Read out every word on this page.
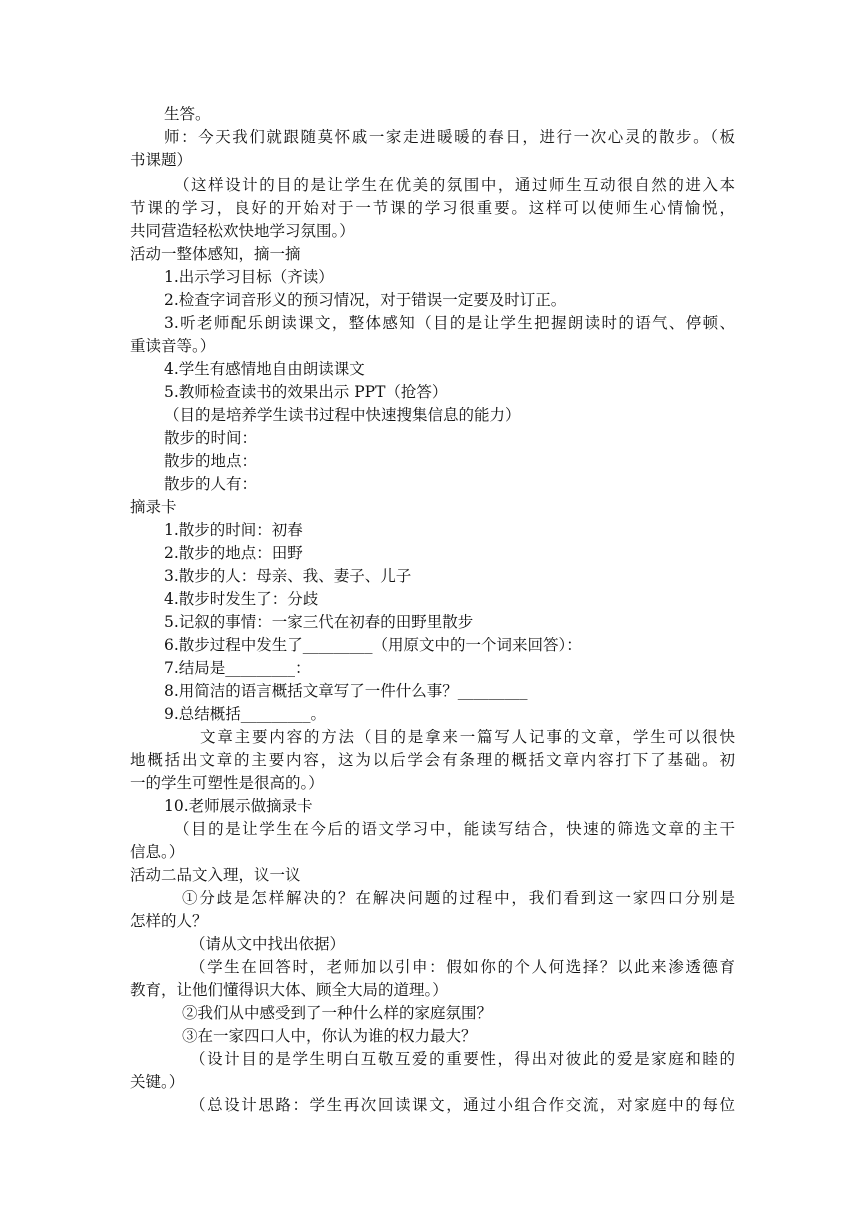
生答。
师：今天我们就跟随莫怀戚一家走进暖暖的春日，进行一次心灵的散步。（板
书课题）
（这样设计的目的是让学生在优美的氛围中，通过师生互动很自然的进入本
节课的学习，良好的开始对于一节课的学习很重要。这样可以使师生心情愉悦，
共同营造轻松欢快地学习氛围。）
活动一整体感知，摘一摘
1.出示学习目标（齐读）
2.检查字词音形义的预习情况，对于错误一定要及时订正。
3.听老师配乐朗读课文，整体感知（目的是让学生把握朗读时的语气、停顿、
重读音等。）
4.学生有感情地自由朗读课文
5.教师检查读书的效果出示 PPT（抢答）
（目的是培养学生读书过程中快速搜集信息的能力）
散步的时间：
散步的地点：
散步的人有：
摘录卡
1.散步的时间：初春
2.散步的地点：田野
3.散步的人：母亲、我、妻子、儿子
4.散步时发生了：分歧
5.记叙的事情：一家三代在初春的田野里散步
6.散步过程中发生了_________（用原文中的一个词来回答）：
7.结局是_________：
8.用简洁的语言概括文章写了一件什么事？_________
9.总结概括_________。
文章主要内容的方法（目的是拿来一篇写人记事的文章，学生可以很快
地概括出文章的主要内容，这为以后学会有条理的概括文章内容打下了基础。初
一的学生可塑性是很高的。）
10.老师展示做摘录卡
（目的是让学生在今后的语文学习中，能读写结合，快速的筛选文章的主干
信息。）
活动二品文入理，议一议
①分歧是怎样解决的？在解决问题的过程中，我们看到这一家四口分别是
怎样的人？
（请从文中找出依据）
（学生在回答时，老师加以引申：假如你的个人何选择？以此来渗透德育
教育，让他们懂得识大体、顾全大局的道理。）
②我们从中感受到了一种什么样的家庭氛围？
③在一家四口人中，你认为谁的权力最大？
（设计目的是学生明白互敬互爱的重要性，得出对彼此的爱是家庭和睦的
关键。）
（总设计思路：学生再次回读课文，通过小组合作交流，对家庭中的每位
